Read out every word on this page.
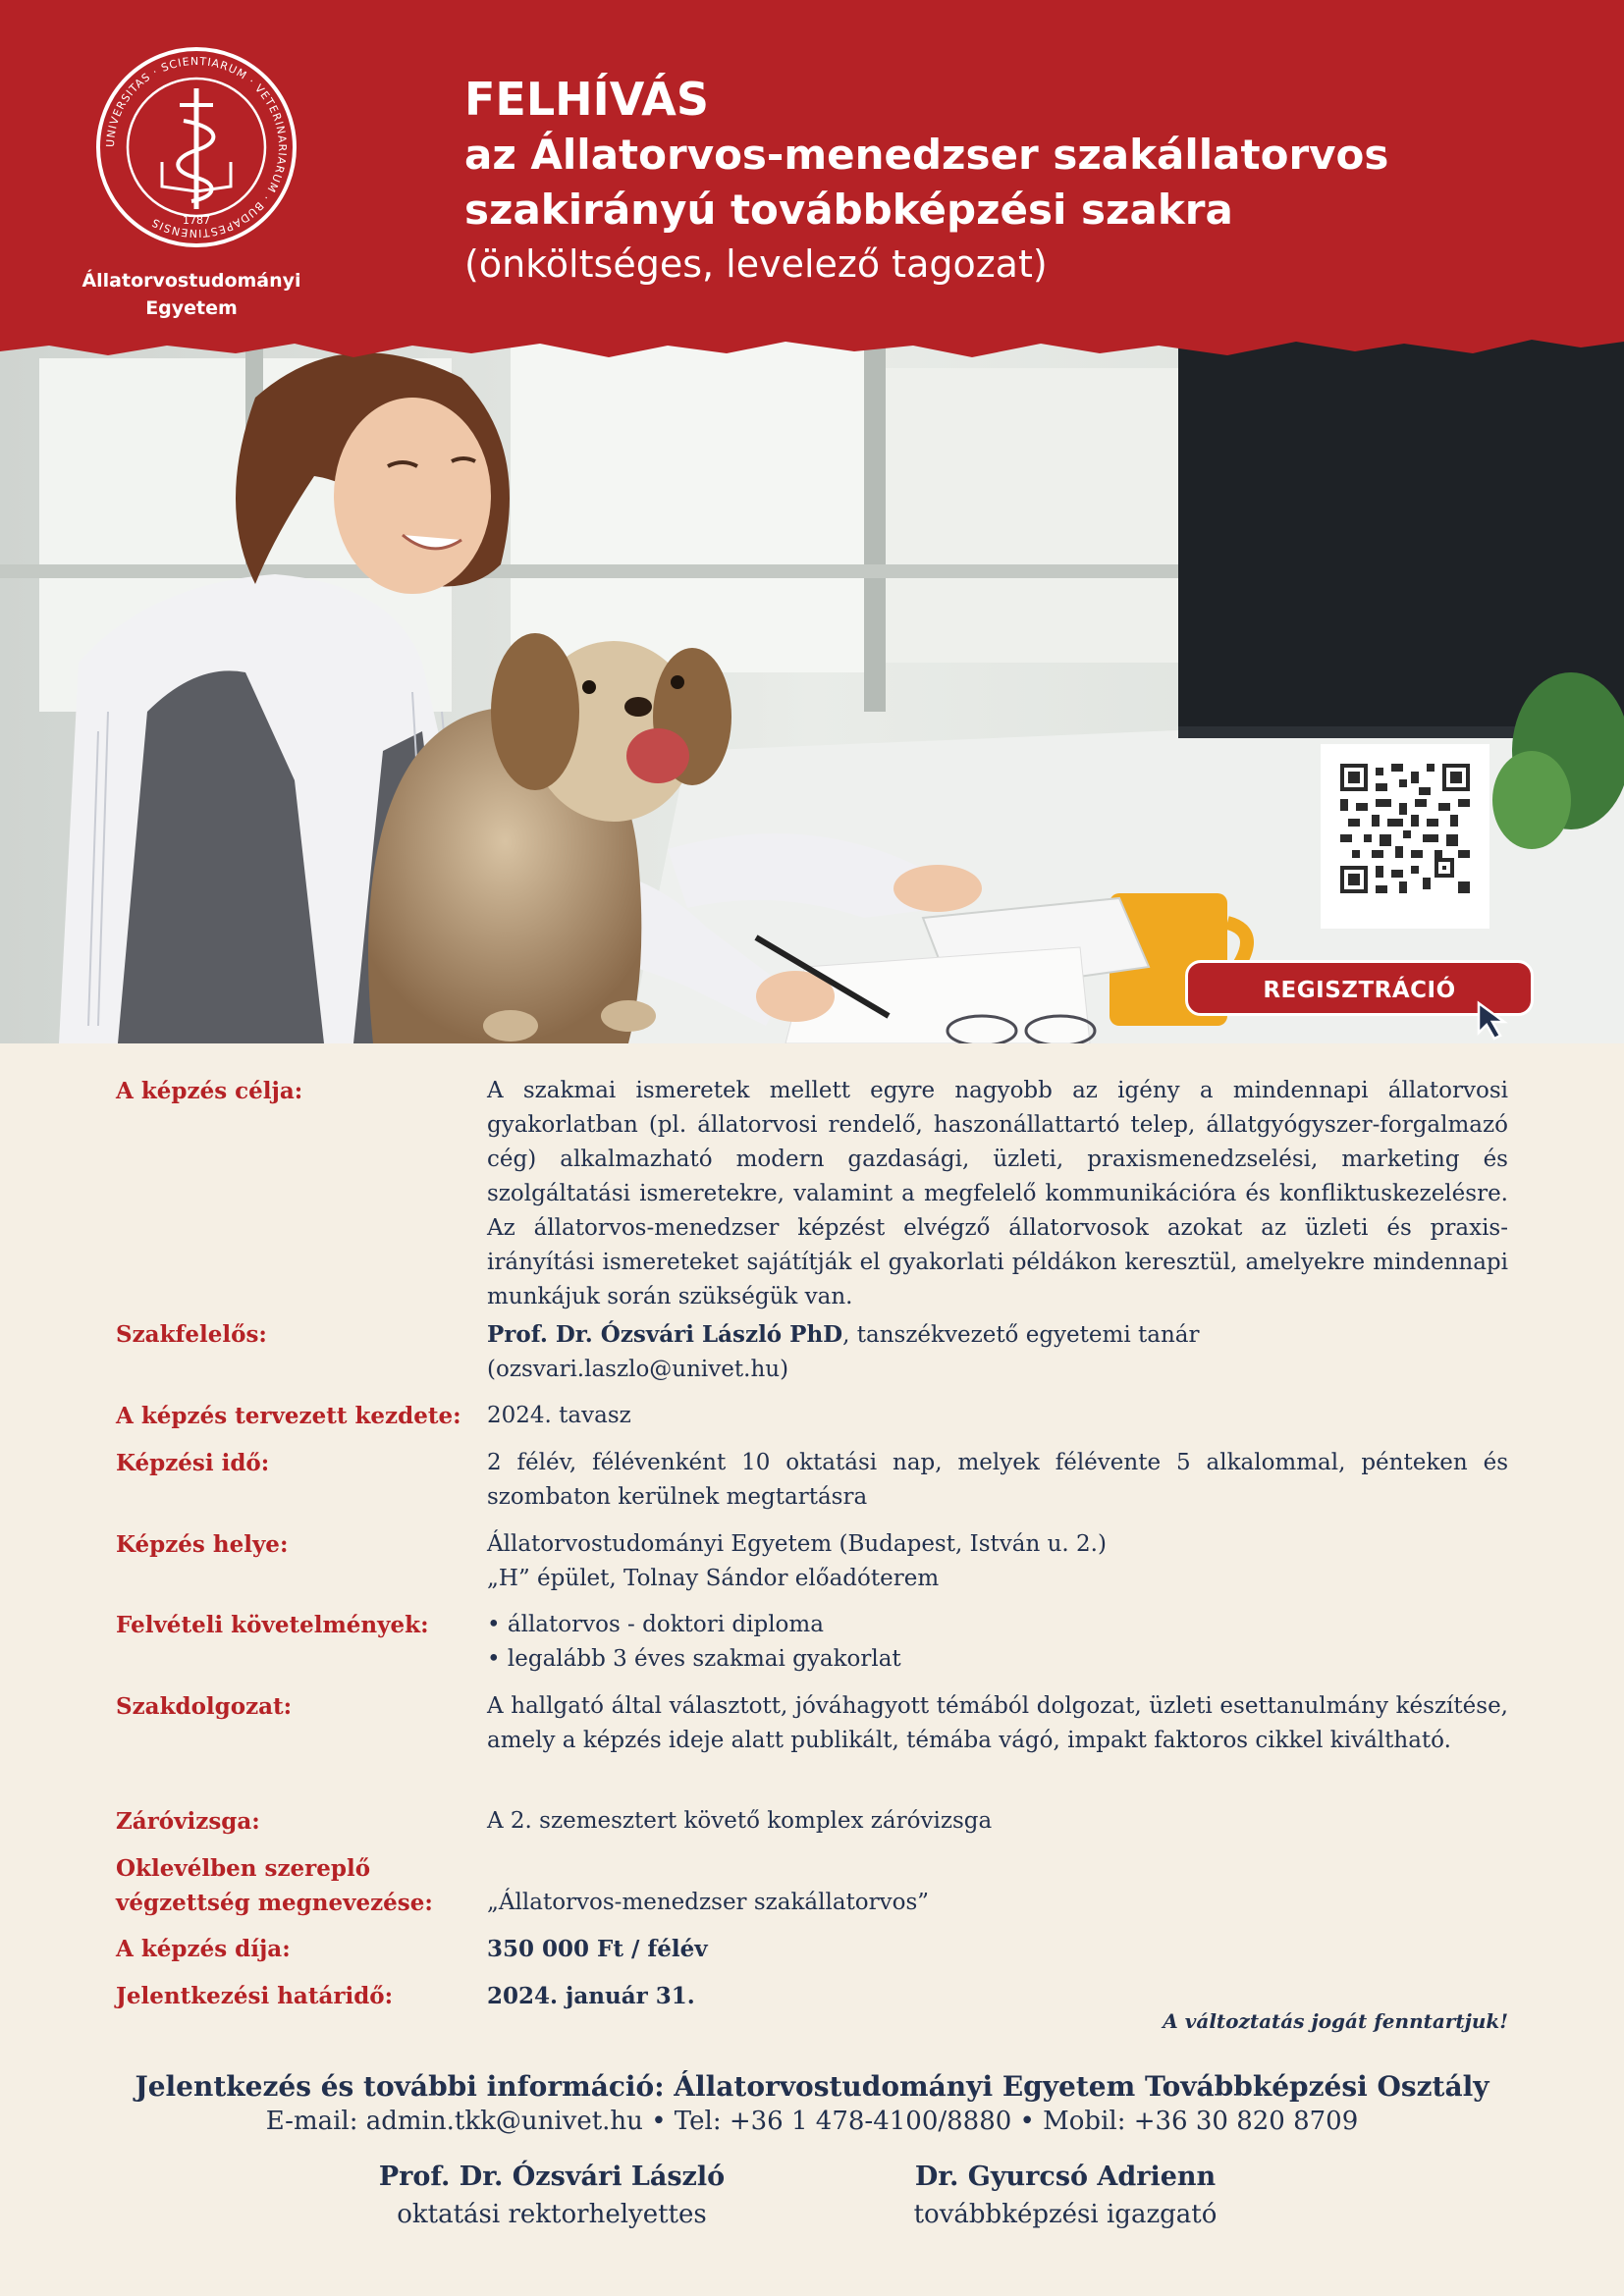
UNIVERSITAS · SCIENTIARUM · VETERINARIARUM · BUDAPESTINENSIS	1787
Állatorvostudományi
Egyetem
FELHÍVÁS
az Állatorvos-menedzser szakállatorvos
szakirányú továbbképzési szakra
(önköltséges, levelező tagozat)
REGISZTRÁCIÓ
A képzés célja:	A szakmai ismeretek mellett egyre nagyobb az igény a mindennapi állatorvosi gyakorlatban (pl. állatorvosi rendelő, haszonállattartó telep, állatgyógyszer-forgalmazó cég) alkalmazható modern gazdasági, üzleti, praxismenedzselési, marketing és szolgáltatási ismeretekre, valamint a megfelelő kommunikációra és konfliktuskezelésre. Az állatorvos-menedzser képzést elvégző állatorvosok azokat az üzleti és praxis-irányítási ismereteket sajátítják el gyakorlati példákon keresztül, amelyekre mindennapi munkájuk során szükségük van.
Szakfelelős:	Prof. Dr. Ózsvári László PhD, tanszékvezető egyetemi tanár
(ozsvari.laszlo@univet.hu)
A képzés tervezett kezdete:	2024. tavasz
Képzési idő:	2 félév, félévenként 10 oktatási nap, melyek félévente 5 alkalommal, pénteken és szombaton kerülnek megtartásra
Képzés helye:	Állatorvostudományi Egyetem (Budapest, István u. 2.)
„H” épület, Tolnay Sándor előadóterem
Felvételi követelmények:	• állatorvos - doktori diploma
• legalább 3 éves szakmai gyakorlat
Szakdolgozat:	A hallgató által választott, jóváhagyott témából dolgozat, üzleti esettanulmány készítése, amely a képzés ideje alatt publikált, témába vágó, impakt faktoros cikkel kiváltható.
Záróvizsga:	A 2. szemesztert követő komplex záróvizsga
Oklevélben szereplő
végzettség megnevezése:	„Állatorvos-menedzser szakállatorvos”
A képzés díja:	350 000 Ft / félév
Jelentkezési határidő:	2024. január 31.
A változtatás jogát fenntartjuk!
Jelentkezés és további információ: Állatorvostudományi Egyetem Továbbképzési Osztály
E-mail: admin.tkk@univet.hu • Tel: +36 1 478-4100/8880 • Mobil: +36 30 820 8709
Prof. Dr. Ózsvári László
oktatási rektorhelyettes
Dr. Gyurcsó Adrienn
továbbképzési igazgató
